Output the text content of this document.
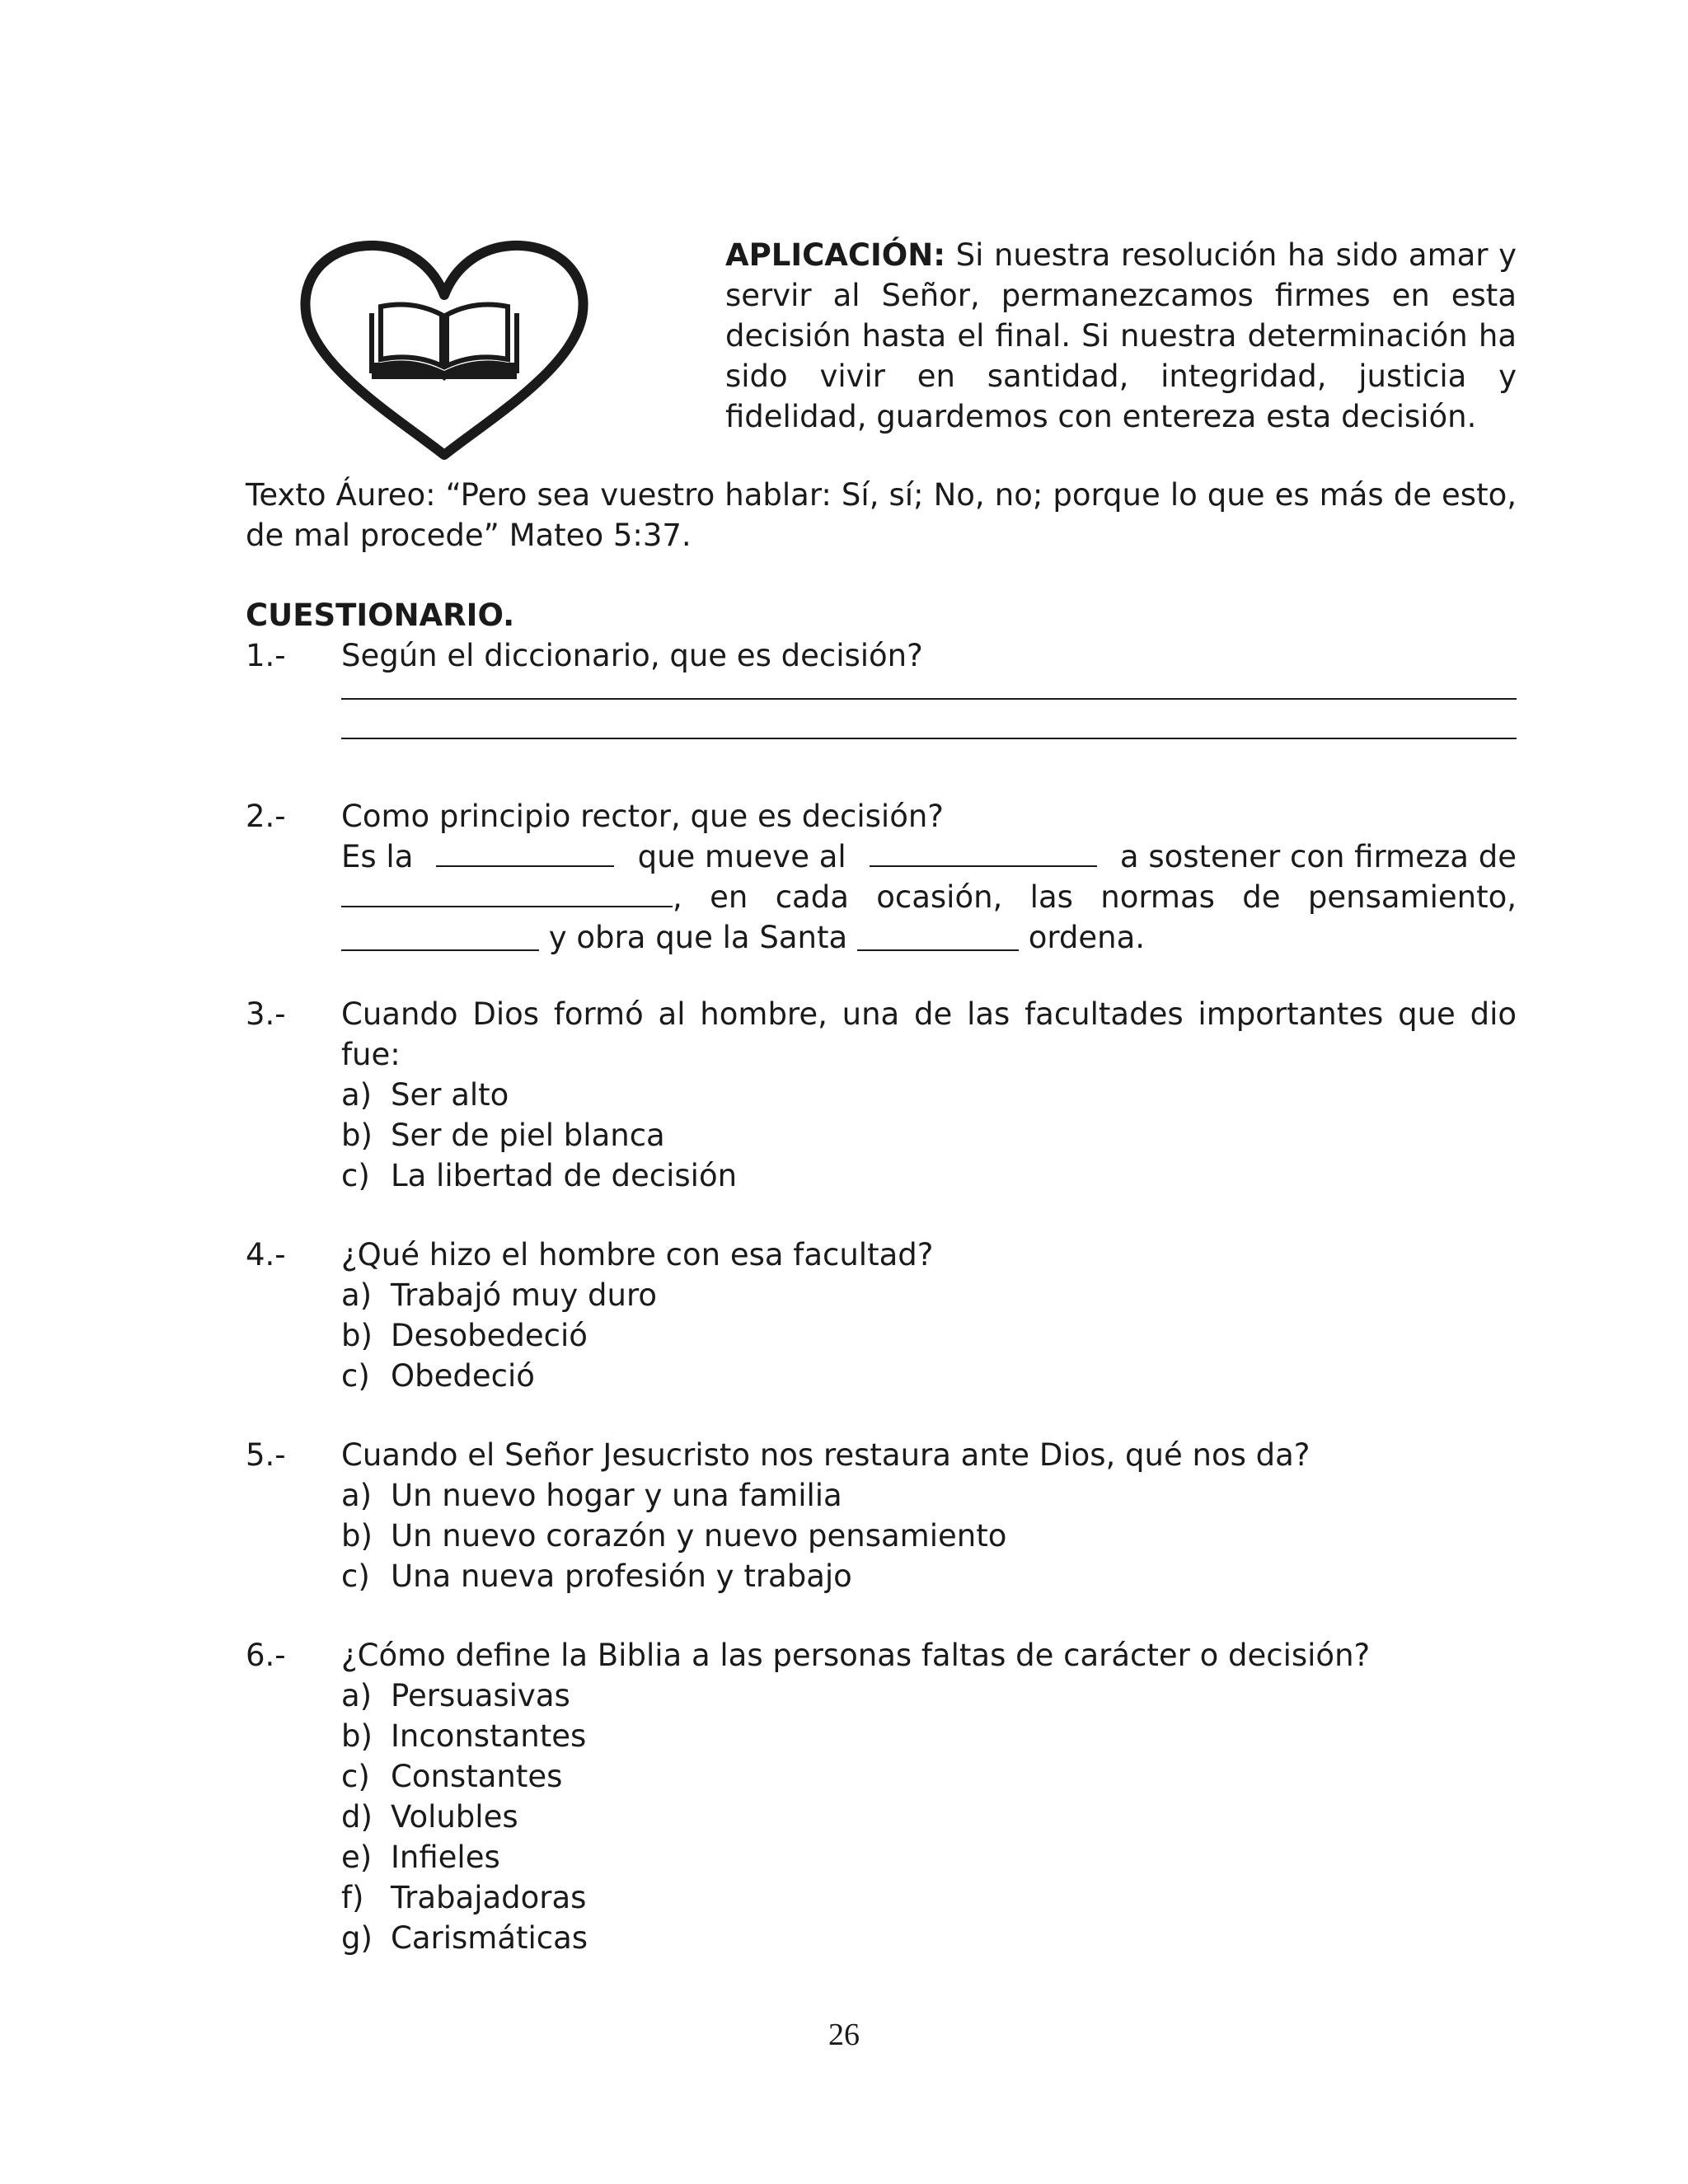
APLICACIÓN: Si nuestra resolución ha sido amar y servir al Señor, permanezcamos firmes en esta decisión hasta el final. Si nuestra determinación ha sido vivir en santidad, integridad, justicia y fidelidad, guardemos con entereza esta decisión.
Texto Áureo: “Pero sea vuestro hablar: Sí, sí; No, no; porque lo que es más de esto, de mal procede” Mateo 5:37.
CUESTIONARIO.
1.- Según el diccionario, que es decisión?
2.- Como principio rector, que es decisión?
Es la	que mueve al	a sostener con firmeza de
, en cada ocasión, las normas de pensamiento,
y obra que la Santa	ordena.
3.- Cuando Dios formó al hombre, una de las facultades importantes que dio fue:
a) Ser alto
b) Ser de piel blanca
c) La libertad de decisión
4.- ¿Qué hizo el hombre con esa facultad?
a) Trabajó muy duro
b) Desobedeció
c) Obedeció
5.- Cuando el Señor Jesucristo nos restaura ante Dios, qué nos da?
a) Un nuevo hogar y una familia
b) Un nuevo corazón y nuevo pensamiento
c) Una nueva profesión y trabajo
6.- ¿Cómo define la Biblia a las personas faltas de carácter o decisión?
a) Persuasivas
b) Inconstantes
c) Constantes
d) Volubles
e) Infieles
f) Trabajadoras
g) Carismáticas
26
